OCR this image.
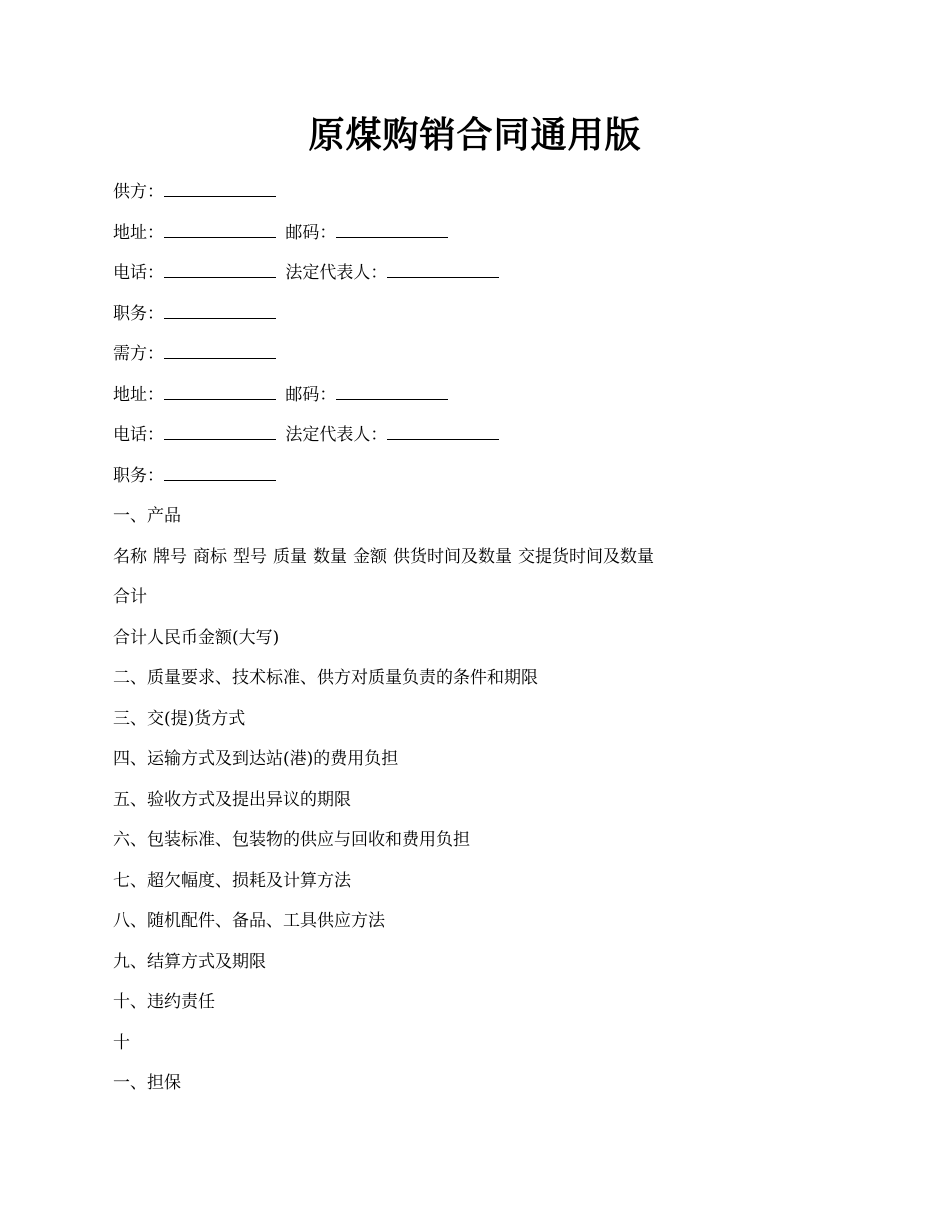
原煤购销合同通用版
供方：
地址：	邮码：
电话：	法定代表人：
职务：
需方：
地址：	邮码：
电话：	法定代表人：
职务：
一、产品
名称 牌号 商标 型号 质量 数量 金额 供货时间及数量 交提货时间及数量
合计
合计人民币金额(大写)
二、质量要求、技术标准、供方对质量负责的条件和期限
三、交(提)货方式
四、运输方式及到达站(港)的费用负担
五、验收方式及提出异议的期限
六、包装标准、包装物的供应与回收和费用负担
七、超欠幅度、损耗及计算方法
八、随机配件、备品、工具供应方法
九、结算方式及期限
十、违约责任
十
一、担保
